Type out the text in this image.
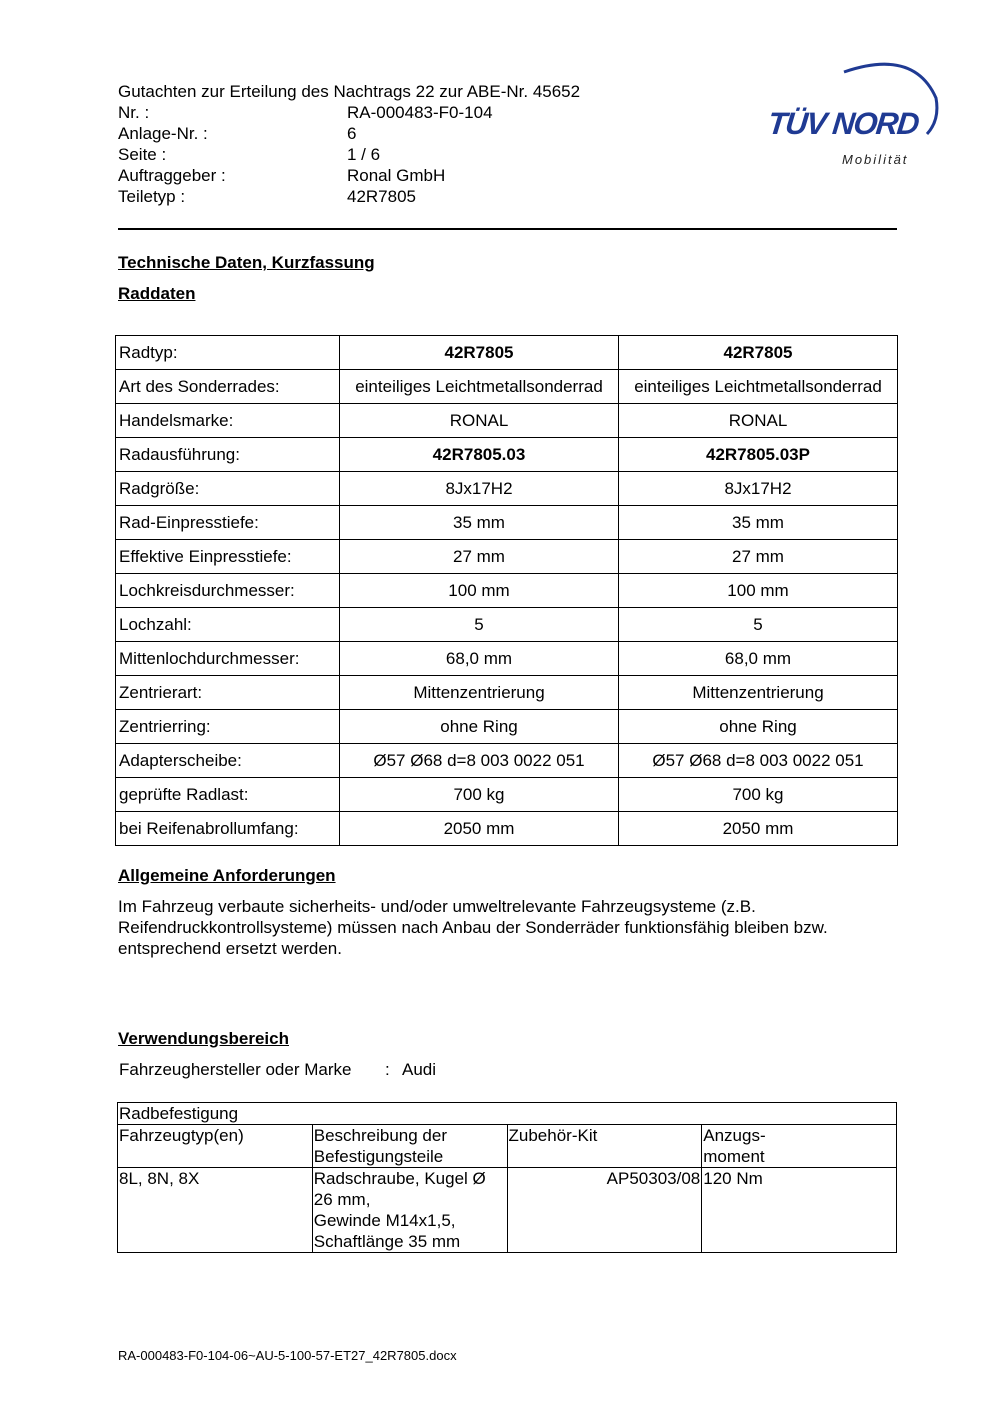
Gutachten zur Erteilung des Nachtrags 22 zur ABE-Nr. 45652
Nr. :	RA-000483-F0-104
Anlage-Nr. :	6
Seite :	1 / 6
Auftraggeber :	Ronal GmbH
Teiletyp :	42R7805
TÜV NORD
Mobilität
Technische Daten, Kurzfassung
Raddaten
Radtyp:	42R7805	42R7805
Art des Sonderrades:	einteiliges Leichtmetallsonderrad	einteiliges Leichtmetallsonderrad
Handelsmarke:	RONAL	RONAL
Radausführung:	42R7805.03	42R7805.03P
Radgröße:	8Jx17H2	8Jx17H2
Rad-Einpresstiefe:	35 mm	35 mm
Effektive Einpresstiefe:	27 mm	27 mm
Lochkreisdurchmesser:	100 mm	100 mm
Lochzahl:	5	5
Mittenlochdurchmesser:	68,0 mm	68,0 mm
Zentrierart:	Mittenzentrierung	Mittenzentrierung
Zentrierring:	ohne Ring	ohne Ring
Adapterscheibe:	Ø57 Ø68 d=8 003 0022 051	Ø57 Ø68 d=8 003 0022 051
geprüfte Radlast:	700 kg	700 kg
bei Reifenabrollumfang:	2050 mm	2050 mm
Allgemeine Anforderungen
Im Fahrzeug verbaute sicherheits- und/oder umweltrelevante Fahrzeugsysteme (z.B. Reifendruckkontrollsysteme) müssen nach Anbau der Sonderräder funktionsfähig bleiben bzw. entsprechend ersetzt werden.
Verwendungsbereich
Fahrzeughersteller oder Marke : Audi
Radbefestigung			
Fahrzeugtyp(en)	Beschreibung der Befestigungsteile	Zubehör-Kit	Anzugs-
moment

8L, 8N, 8X	Radschraube, Kugel Ø 26 mm,
Gewinde M14x1,5, Schaftlänge 35 mm	AP50303/08	120 Nm
RA-000483-F0-104-06~AU-5-100-57-ET27_42R7805.docx
